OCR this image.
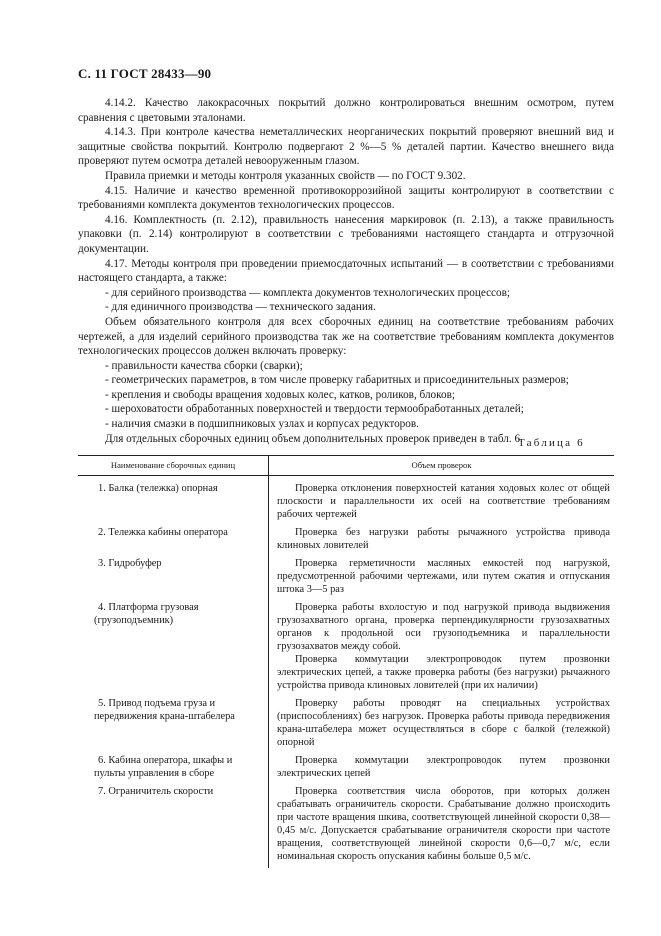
С. 11 ГОСТ 28433—90

4.14.2. Качество лакокрасочных покрытий должно контролироваться внешним осмотром, путем сравнения с цветовыми эталонами.

4.14.3. При контроле качества неметаллических неорганических покрытий проверяют внешний вид и защитные свойства покрытий. Контролю подвергают 2 %—5 % деталей партии. Качество внешнего вида проверяют путем осмотра деталей невооруженным глазом.

Правила приемки и методы контроля указанных свойств — по ГОСТ 9.302.

4.15. Наличие и качество временной противокоррозийной защиты контролируют в соответствии с требованиями комплекта документов технологических процессов.

4.16. Комплектность (п. 2.12), правильность нанесения маркировок (п. 2.13), а также правильность упаковки (п. 2.14) контролируют в соответствии с требованиями настоящего стандарта и отгрузочной документации.

4.17. Методы контроля при проведении приемосдаточных испытаний — в соответствии с требованиями настоящего стандарта, а также:

- для серийного производства — комплекта документов технологических процессов;

- для единичного производства — технического задания.

Объем обязательного контроля для всех сборочных единиц на соответствие требованиям рабочих чертежей, а для изделий серийного производства так же на соответствие требованиям комплекта документов технологических процессов должен включать проверку:

- правильности качества сборки (сварки);

- геометрических параметров, в том числе проверку габаритных и присоединительных размеров;

- крепления и свободы вращения ходовых колес, катков, роликов, блоков;

- шероховатости обработанных поверхностей и твердости термообработанных деталей;

- наличия смазки в подшипниковых узлах и корпусах редукторов.

Для отдельных сборочных единиц объем дополнительных проверок приведен в табл. 6.

Таблица 6
Наименование сборочных единиц	Объем проверок
1. Балка (тележка) опорная	Проверка отклонения поверхностей катания ходовых колес от общей плоскости и параллельности их осей на соответствие требованиям рабочих чертежей

2. Тележка кабины оператора	Проверка без нагрузки работы рычажного устройства привода клиновых ловителей

3. Гидробуфер	Проверка герметичности масляных емкостей под нагрузкой, предусмотренной рабочими чертежами, или путем сжатия и отпускания штока 3—5 раз

4. Платформа грузовая (грузоподъемник)	Проверка работы вхолостую и под нагрузкой привода выдвижения грузозахватного органа, проверка перпендикулярности грузозахватных органов к продольной оси грузоподъемника и параллельности грузозахватов между собой.
Проверка коммутации электропроводок путем прозвонки электрических цепей, а также проверка работы (без нагрузки) рычажного устройства привода клиновых ловителей (при их наличии)

5. Привод подъема груза и передвижения крана-штабелера	Проверку работы проводят на специальных устройствах (приспособлениях) без нагрузок. Проверка работы привода передвижения крана-штабелера может осуществляться в сборе с балкой (тележкой) опорной

6. Кабина оператора, шкафы и пульты управления в сборе	Проверка коммутации электропроводок путем прозвонки электрических цепей

7. Ограничитель скорости	Проверка соответствия числа оборотов, при которых должен срабатывать ограничитель скорости. Срабатывание должно происходить при частоте вращения шкива, соответствующей линейной скорости 0,38—0,45 м/с. Допускается срабатывание ограничителя скорости при частоте вращения, соответствующей линейной скорости 0,6—0,7 м/с, если номинальная скорость опускания кабины больше 0,5 м/с.
